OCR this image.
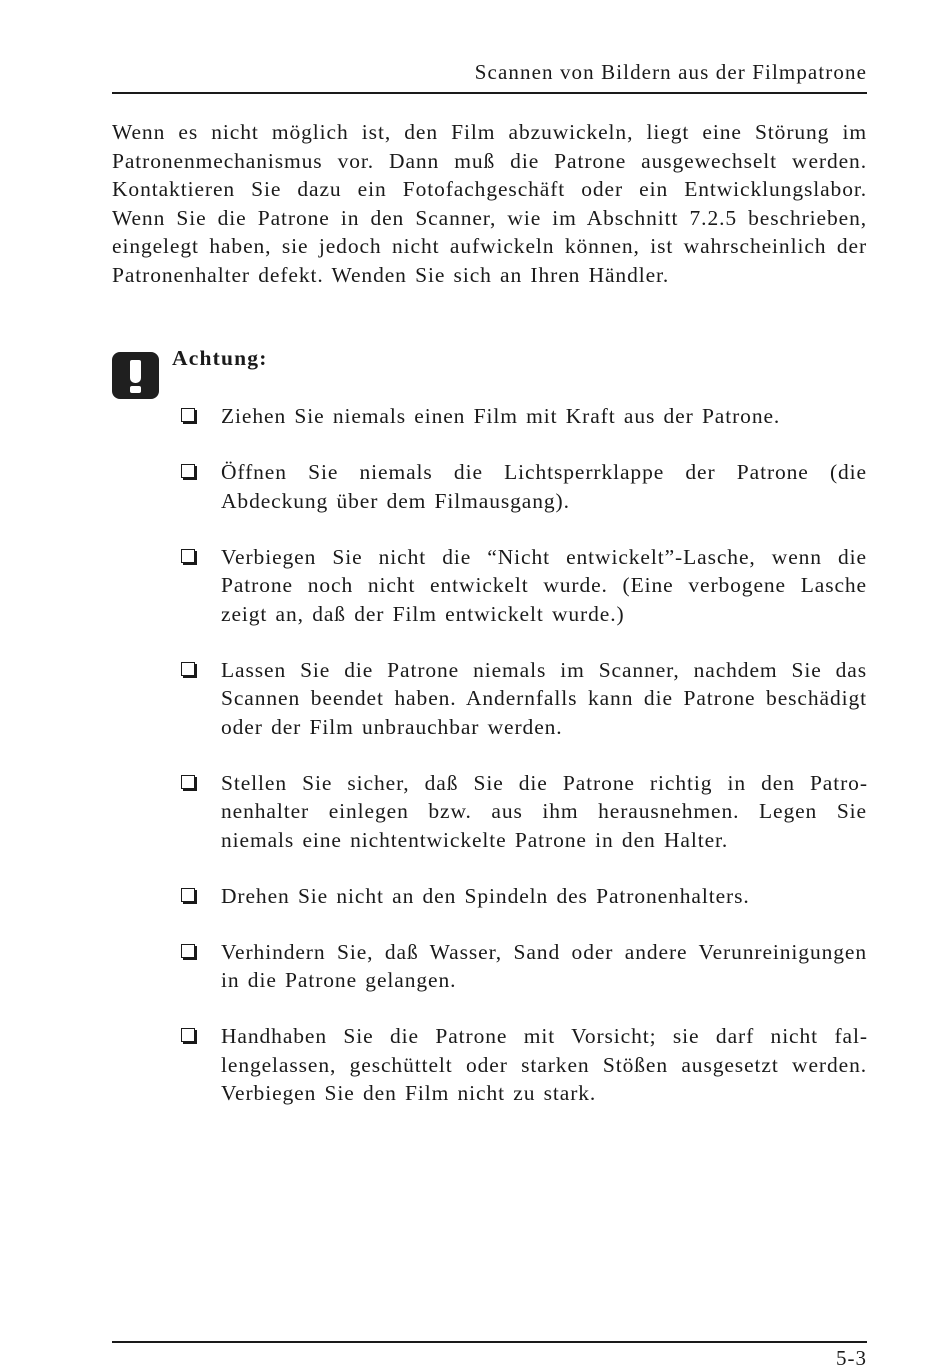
Scannen von Bildern aus der Filmpatrone

Wenn es nicht möglich ist, den Film abzuwickeln, liegt eine Störung im Patronenmechanismus vor. Dann muß die Patrone ausgewechselt werden. Kontaktieren Sie dazu ein Fotofachgeschäft oder ein Entwicklungslabor. Wenn Sie die Patrone in den Scanner, wie im Abschnitt 7.2.5 beschrieben, eingelegt haben, sie jedoch nicht aufwickeln können, ist wahrscheinlich der Patronenhalter defekt. Wenden Sie sich an Ihren Händler.

Achtung:
Ziehen Sie niemals einen Film mit Kraft aus der Patrone.
Öffnen Sie niemals die Lichtsperrklappe der Patrone (die Abdeckung über dem Filmausgang).
Verbiegen Sie nicht die “Nicht entwickelt”-Lasche, wenn die Patrone noch nicht entwickelt wurde. (Eine verbogene Lasche zeigt an, daß der Film entwickelt wurde.)
Lassen Sie die Patrone niemals im Scanner, nachdem Sie das Scannen beendet haben. Andernfalls kann die Patrone beschädigt oder der Film unbrauchbar werden.
Stellen Sie sicher, daß Sie die Patrone richtig in den Patronenhalter einlegen bzw. aus ihm herausnehmen. Legen Sie niemals eine nichtentwickelte Patrone in den Halter.
Drehen Sie nicht an den Spindeln des Patronenhalters.
Verhindern Sie, daß Wasser, Sand oder andere Verunreinigungen in die Patrone gelangen.
Handhaben Sie die Patrone mit Vorsicht; sie darf nicht fallengelassen, geschüttelt oder starken Stößen ausgesetzt werden. Verbiegen Sie den Film nicht zu stark.
5-3
